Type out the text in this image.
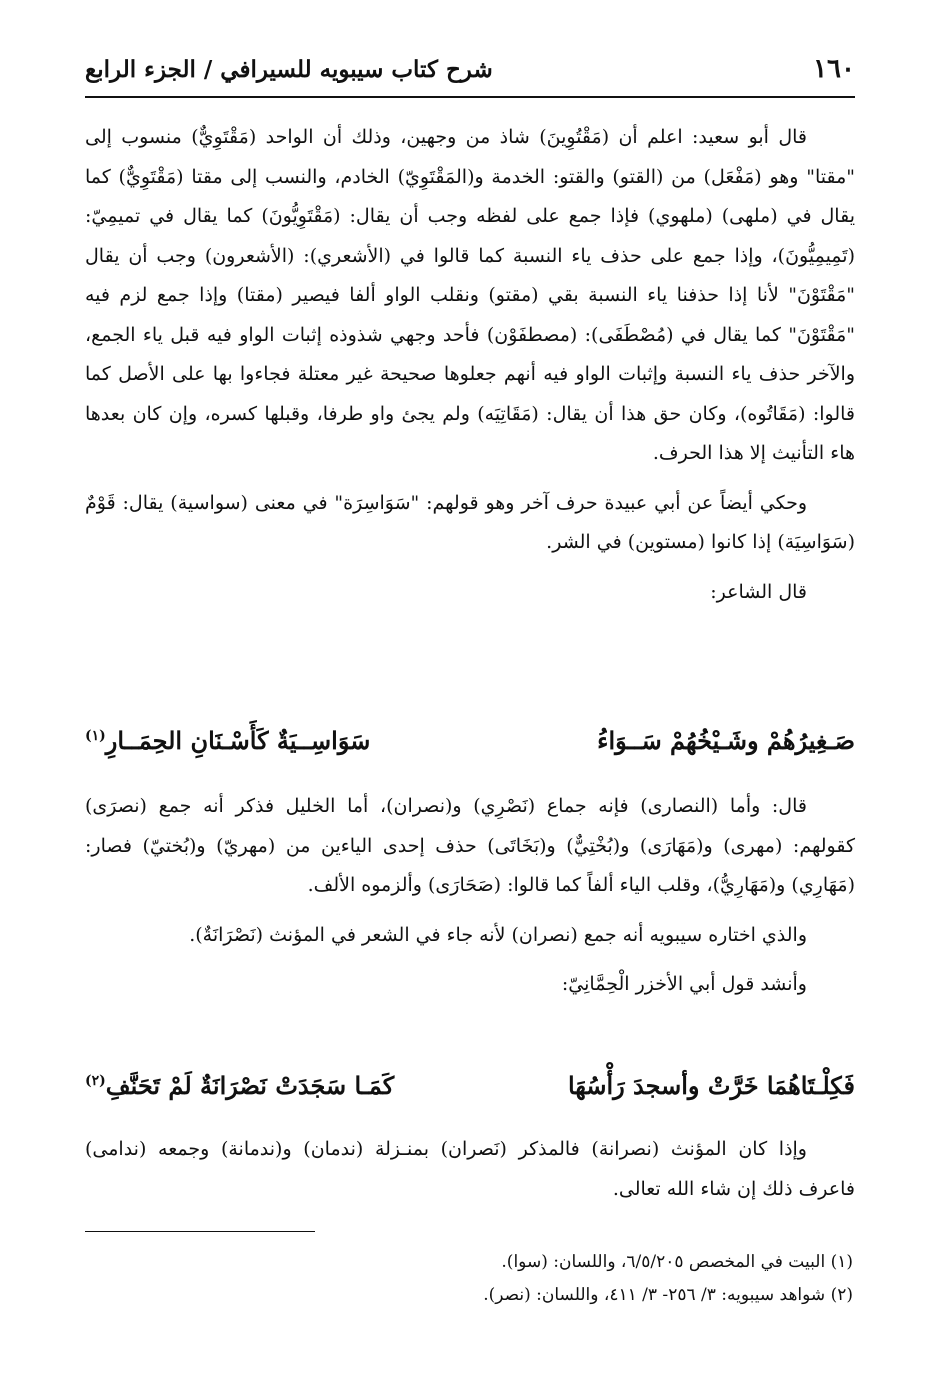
١٦٠
شرح كتاب سيبويه للسيرافي / الجزء الرابع

قال أبو سعيد: اعلم أن (مَقْتُوِينَ) شاذ من وجهين، وذلك أن الواحد (مَقْتَوِيٌّ) منسوب إلى "مقتا" وهو (مَفْعَل) من (القتو) والقتو: الخدمة و(المَقْتَوِيّ) الخادم، والنسب إلى مقتا (مَقْتَوِيٌّ) كما يقال في (ملهى) (ملهوي) فإذا جمع على لفظه وجب أن يقال: (مَقْتَوِيُّونَ) كما يقال في تميمِيّ: (تَمِيمِيُّونَ)، وإذا جمع على حذف ياء النسبة كما قالوا في (الأشعري): (الأشعرون) وجب أن يقال "مَقْتَوْنَ" لأنا إذا حذفنا ياء النسبة بقي (مقتو) ونقلب الواو ألفا فيصير (مقتا) وإذا جمع لزم فيه "مَقْتَوْنَ" كما يقال في (مُصْطَفَى): (مصطفَوْن) فأحد وجهي شذوذه إثبات الواو فيه قبل ياء الجمع، والآخر حذف ياء النسبة وإثبات الواو فيه أنهم جعلوها صحيحة غير معتلة فجاءوا بها على الأصل كما قالوا: (مَقَاتُوه)، وكان حق هذا أن يقال: (مَقَاتِيَه) ولم يجئ واو طرفا، وقبلها كسره، وإن كان بعدها هاء التأنيث إلا هذا الحرف.

وحكي أيضاً عن أبي عبيدة حرف آخر وهو قولهم: "سَوَاسِرَة" في معنى (سواسية) يقال: قَوْمٌ (سَوَاسِيَة) إذا كانوا (مستوين) في الشر.

قال الشاعر:

صَـغِيرُهُمْ وشَـيْخُهُمْ سَــوَاءُ
سَوَاسِــيَةٌ كَأَسْـنَانِ الحِمَــارِ$^{(١)}$

قال: وأما (النصارى) فإنه جماع (نَصْرِي) و(نصران)، أما الخليل فذكر أنه جمع (نصرَى) كقولهم: (مهرى) و(مَهَارَى) و(بُخْتِيٌّ) و(بَخَاتَى) حذف إحدى الياءين من (مهريّ) و(بُختيّ) فصار: (مَهَارِي) و(مَهَارِيُّ)، وقلب الياء ألفاً كما قالوا: (صَحَارَى) وألزموه الألف.

والذي اختاره سيبويه أنه جمع (نصران) لأنه جاء في الشعر في المؤنث (نَصْرَانَةٌ).

وأنشد قول أبي الأخزر الْحِمَّانِيّ:

فَكِلْـتَاهُمَا خَرَّتْ وأسجدَ رَأْسُهَا
كَمَـا سَجَدَتْ نَصْرَانَةٌ لَمْ تَحَنَّفِ$^{(٢)}$

وإذا كان المؤنث (نصرانة) فالمذكر (نَصران) بمنـزلة (ندمان) و(ندمانة) وجمعه (ندامى) فاعرف ذلك إن شاء الله تعالى.

(١) البيت في المخصص ٦/٥/٢٠٥، واللسان: (سوا).
(٢) شواهد سيبويه: ٣/ ٢٥٦- ٣/ ٤١١، واللسان: (نصر).
